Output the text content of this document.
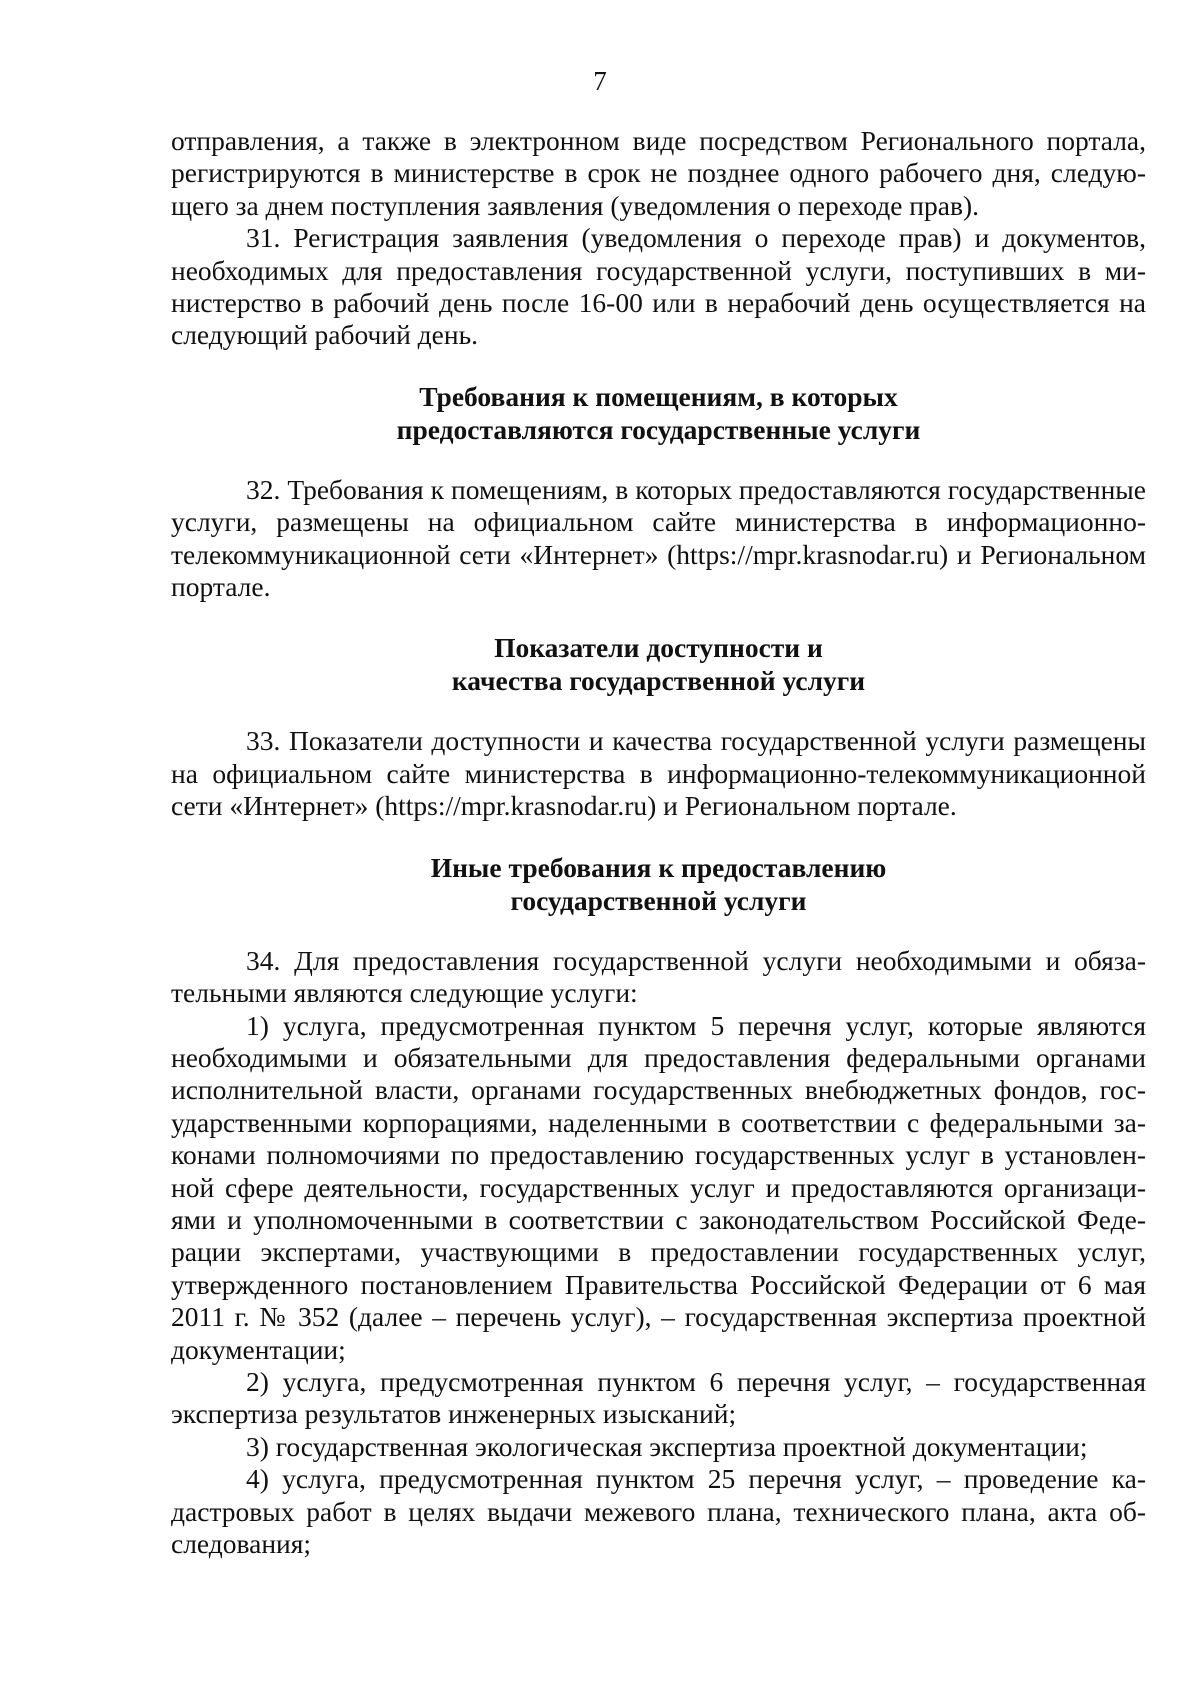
7

отправления, а также в электронном виде посредством Регионального портала, регистрируются в министерстве в срок не позднее одного рабочего дня, следующего за днем поступления заявления (уведомления о переходе прав).

31. Регистрация заявления (уведомления о переходе прав) и документов, необходимых для предоставления государственной услуги, поступивших в министерство в рабочий день после 16-00 или в нерабочий день осуществляется на следующий рабочий день.

Требования к помещениям, в которых
предоставляются государственные услуги

32. Требования к помещениям, в которых предоставляются государственные услуги, размещены на официальном сайте министерства в информационно-телекоммуникационной сети «Интернет» (https://mpr.krasnodar.ru) и Региональном портале.

Показатели доступности и
качества государственной услуги

33. Показатели доступности и качества государственной услуги размещены на официальном сайте министерства в информационно-телекоммуникационной сети «Интернет» (https://mpr.krasnodar.ru) и Региональном портале.

Иные требования к предоставлению
государственной услуги

34. Для предоставления государственной услуги необходимыми и обязательными являются следующие услуги:

1) услуга, предусмотренная пунктом 5 перечня услуг, которые являются необходимыми и обязательными для предоставления федеральными органами исполнительной власти, органами государственных внебюджетных фондов, государственными корпорациями, наделенными в соответствии с федеральными законами полномочиями по предоставлению государственных услуг в установленной сфере деятельности, государственных услуг и предоставляются организациями и уполномоченными в соответствии с законодательством Российской Федерации экспертами, участвующими в предоставлении государственных услуг, утвержденного постановлением Правительства Российской Федерации от 6 мая 2011 г. № 352 (далее – перечень услуг), – государственная экспертиза проектной документации;

2) услуга, предусмотренная пунктом 6 перечня услуг, – государственная экспертиза результатов инженерных изысканий;

3) государственная экологическая экспертиза проектной документации;

4) услуга, предусмотренная пунктом 25 перечня услуг, – проведение кадастровых работ в целях выдачи межевого плана, технического плана, акта обследования;
